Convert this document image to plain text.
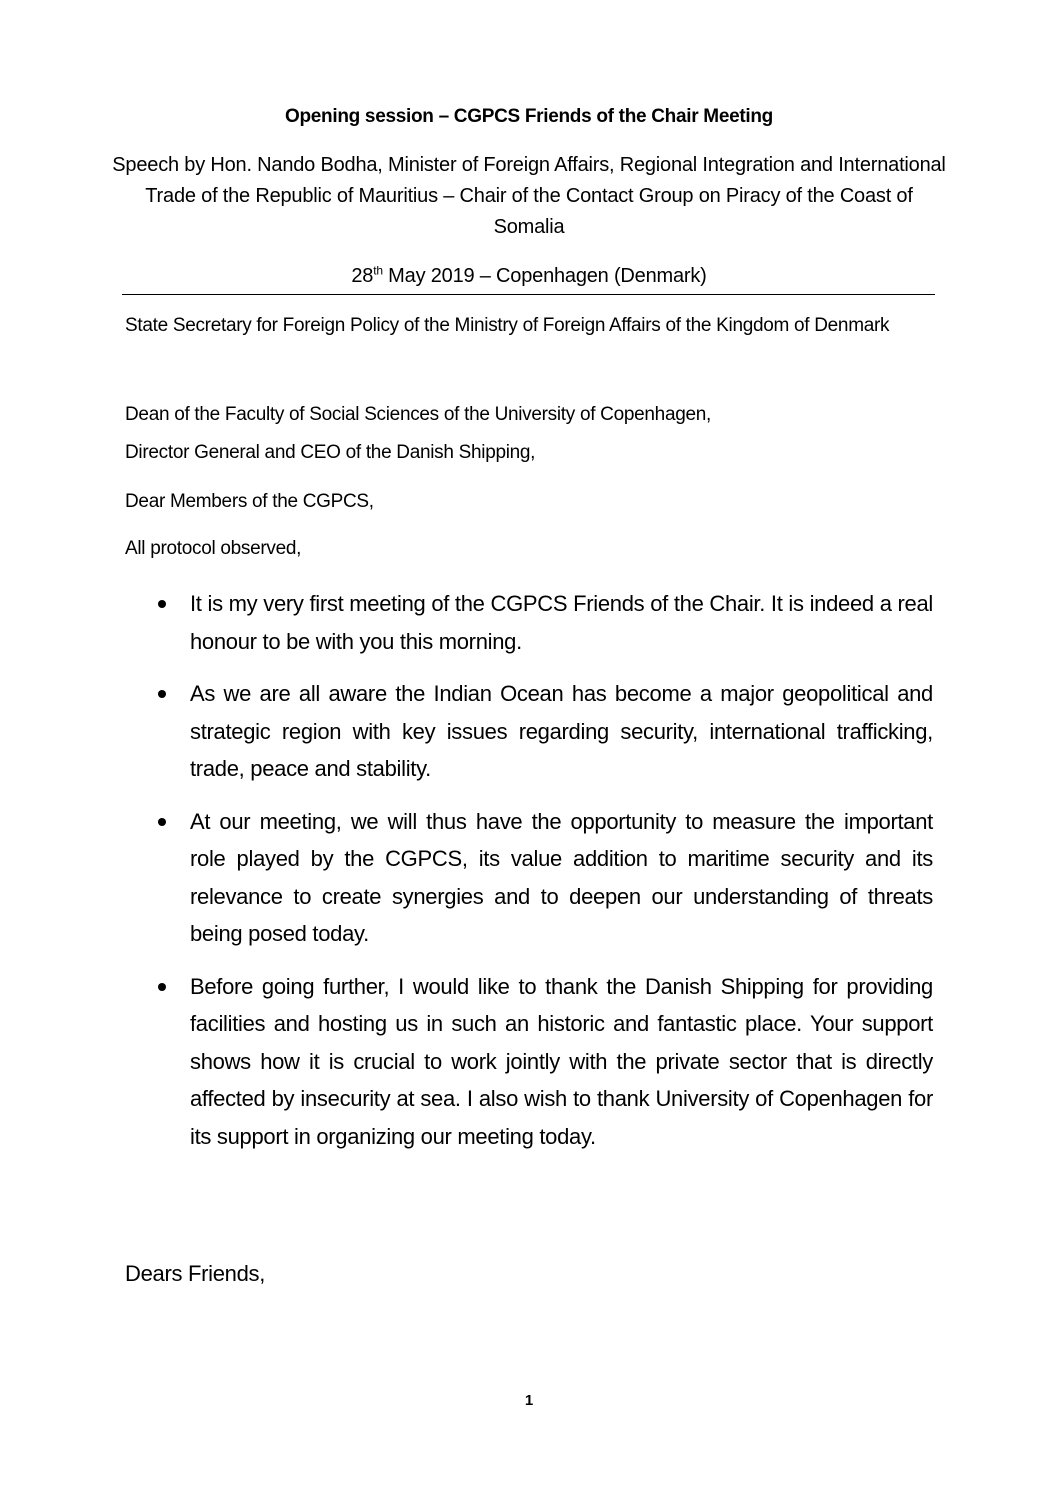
Opening session – CGPCS Friends of the Chair Meeting
Speech by Hon. Nando Bodha, Minister of Foreign Affairs, Regional Integration and International Trade of the Republic of Mauritius – Chair of the Contact Group on Piracy of the Coast of Somalia
28th May 2019 – Copenhagen (Denmark)
State Secretary for Foreign Policy of the Ministry of Foreign Affairs of the Kingdom of Denmark
Dean of the Faculty of Social Sciences of the University of Copenhagen,
Director General and CEO of the Danish Shipping,
Dear Members of the CGPCS,
All protocol observed,
It is my very first meeting of the CGPCS Friends of the Chair. It is indeed a real honour to be with you this morning.
As we are all aware the Indian Ocean has become a major geopolitical and strategic region with key issues regarding security, international trafficking, trade, peace and stability.
At our meeting, we will thus have the opportunity to measure the important role played by the CGPCS, its value addition to maritime security and its relevance to create synergies and to deepen our understanding of threats being posed today.
Before going further, I would like to thank the Danish Shipping for providing facilities and hosting us in such an historic and fantastic place. Your support shows how it is crucial to work jointly with the private sector that is directly affected by insecurity at sea. I also wish to thank University of Copenhagen for its support in organizing our meeting today.
Dears Friends,
1
